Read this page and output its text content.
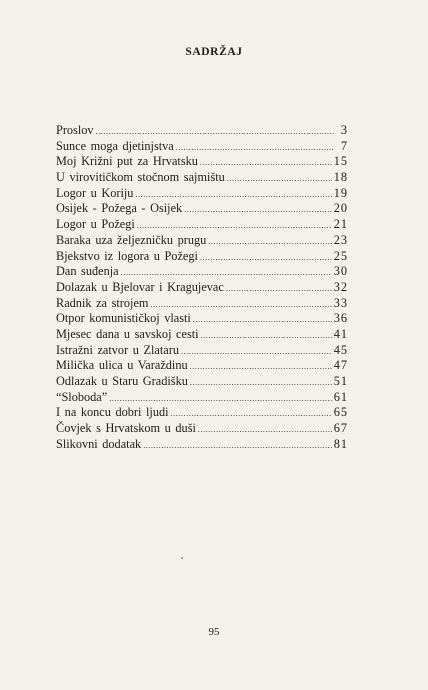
SADRŽAJ
Proslov .....	3
Sunce moga djetinjstva .....	7
Moj Križni put za Hrvatsku .....	15
U virovitičkom stočnom sajmištu .....	18
Logor u Koriju .....	19
Osijek - Požega - Osijek .....	20
Logor u Požegi .....	21
Baraka uza željezničku prugu .....	23
Bjekstvo iz logora u Požegi .....	25
Dan suđenja .....	30
Dolazak u Bjelovar i Kragujevac .....	32
Radnik za strojem .....	33
Otpor komunističkoj vlasti .....	36
Mjesec dana u savskoj cesti .....	41
Istražni zatvor u Zlataru .....	45
Milička ulica u Varaždinu .....	47
Odlazak u Staru Gradišku .....	51
“Sloboda” .....	61
I na koncu dobri ljudi .....	65
Čovjek s Hrvatskom u duši .....	67
Slikovni dodatak .....	81
95
